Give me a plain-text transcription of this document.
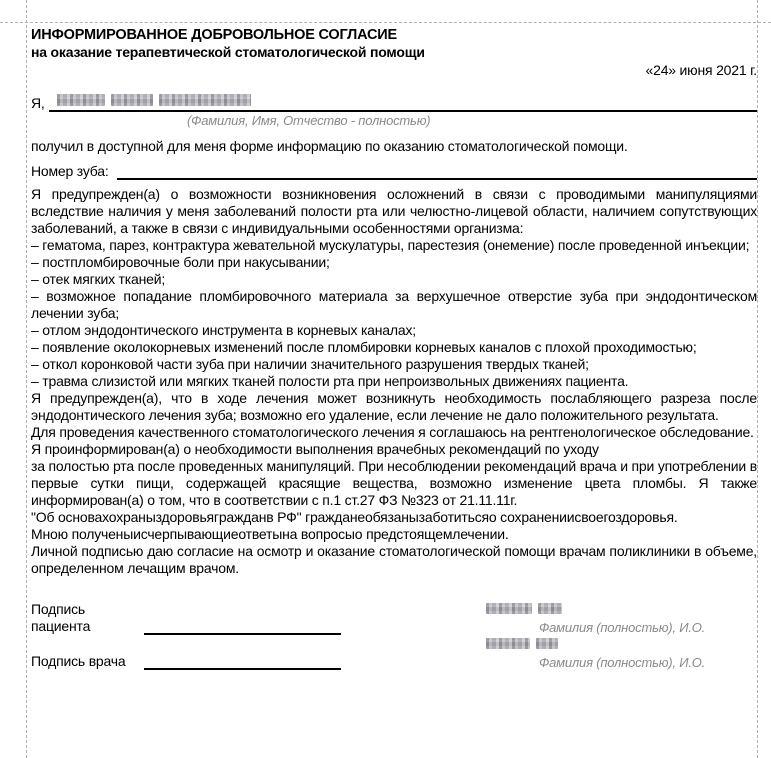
ИНФОРМИРОВАННОЕ ДОБРОВОЛЬНОЕ СОГЛАСИЕ

на оказание терапевтической стоматологической помощи

«24» июня 2021 г.
Я,
(Фамилия, Имя, Отчество - полностью)
получил в доступной для меня форме информацию по оказанию стоматологической помощи.
Номер зуба:

Я предупрежден(а) о возможности возникновения осложнений в связи с проводимыми манипуляциями вследствие наличия у меня заболеваний полости рта или челюстно-лицевой области, наличием сопутствующих заболеваний, а также в связи с индивидуальными особенностями организма:

– гематома, парез, контрактура жевательной мускулатуры, парестезия (онемение) после проведенной инъекции;

– постпломбировочные боли при накусывании;

– отек мягких тканей;

– возможное попадание пломбировочного материала за верхушечное отверстие зуба при эндодонтическом лечении зуба;

– отлом эндодонтического инструмента в корневых каналах;

– появление околокорневых изменений после пломбировки корневых каналов с плохой проходимостью;

– откол коронковой части зуба при наличии значительного разрушения твердых тканей;

– травма слизистой или мягких тканей полости рта при непроизвольных движениях пациента.

Я предупрежден(а), что в ходе лечения может возникнуть необходимость послабляющего разреза после эндодонтического лечения зуба; возможно его удаление, если лечение не дало положительного результата.

Для проведения качественного стоматологического лечения я соглашаюсь на рентгенологическое обследование.

Я проинформирован(а) о необходимости выполнения врачебных рекомендаций по уходу

за полостью рта после проведенных манипуляций. При несоблюдении рекомендаций врача и при употреблении в первые сутки пищи, содержащей красящие вещества, возможно изменение цвета пломбы. Я также информирован(а) о том, что в соответствии с п.1 ст.27 ФЗ №323 от 21.11.11г.

"Об основахохраныздоровьягражданв РФ" гражданеобязанызаботитьсяо сохранениисвоегоздоровья.

Мною полученыисчерпывающиеответына вопросыо предстоящемлечении.

Личной подписью даю согласие на осмотр и оказание стоматологической помощи врачам поликлиники в объеме, определенном лечащим врачом.

Подпись пациента	Фамилия (полностью), И.О.
Подпись врача	Фамилия (полностью), И.О.
